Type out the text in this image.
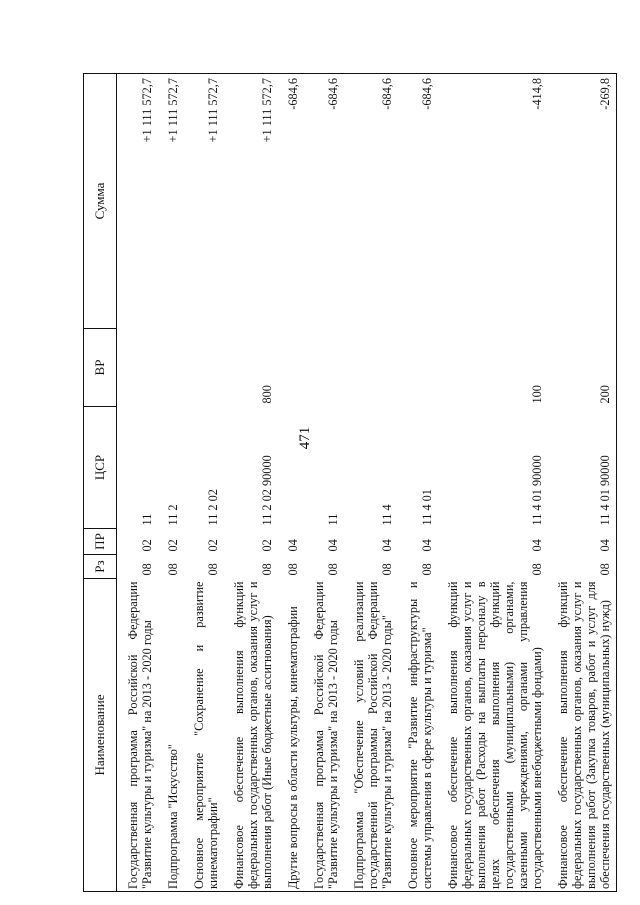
471
Наименование	Рз	ПР	ЦСР	ВР	Сумма
Государственная программа Российской Федерации "Развитие культуры и туризма" на 2013 - 2020 годы	08	02	11		+1 111 572,7
Подпрограмма "Искусство"	08	02	11 2		+1 111 572,7
Основное мероприятие "Сохранение и развитие кинематографии"	08	02	11 2 02		+1 111 572,7
Финансовое обеспечение выполнения функций федеральных государственных органов, оказания услуг и выполнения работ (Иные бюджетные ассигнования)	08	02	11 2 02 90000	800	+1 111 572,7
Другие вопросы в области культуры, кинематографии	08	04			-684,6
Государственная программа Российской Федерации "Развитие культуры и туризма" на 2013 - 2020 годы	08	04	11		-684,6
Подпрограмма "Обеспечение условий реализации государственной программы Российской Федерации "Развитие культуры и туризма" на 2013 - 2020 годы"	08	04	11 4		-684,6
Основное мероприятие "Развитие инфраструктуры и системы управления в сфере культуры и туризма"	08	04	11 4 01		-684,6
Финансовое обеспечение выполнения функций федеральных государственных органов, оказания услуг и выполнения работ (Расходы на выплаты персоналу в целях обеспечения выполнения функций государственными (муниципальными) органами, казенными учреждениями, органами управления государственными внебюджетными фондами)	08	04	11 4 01 90000	100	-414,8
Финансовое обеспечение выполнения функций федеральных государственных органов, оказания услуг и выполнения работ (Закупка товаров, работ и услуг для обеспечения государственных (муниципальных) нужд)	08	04	11 4 01 90000	200	-269,8
